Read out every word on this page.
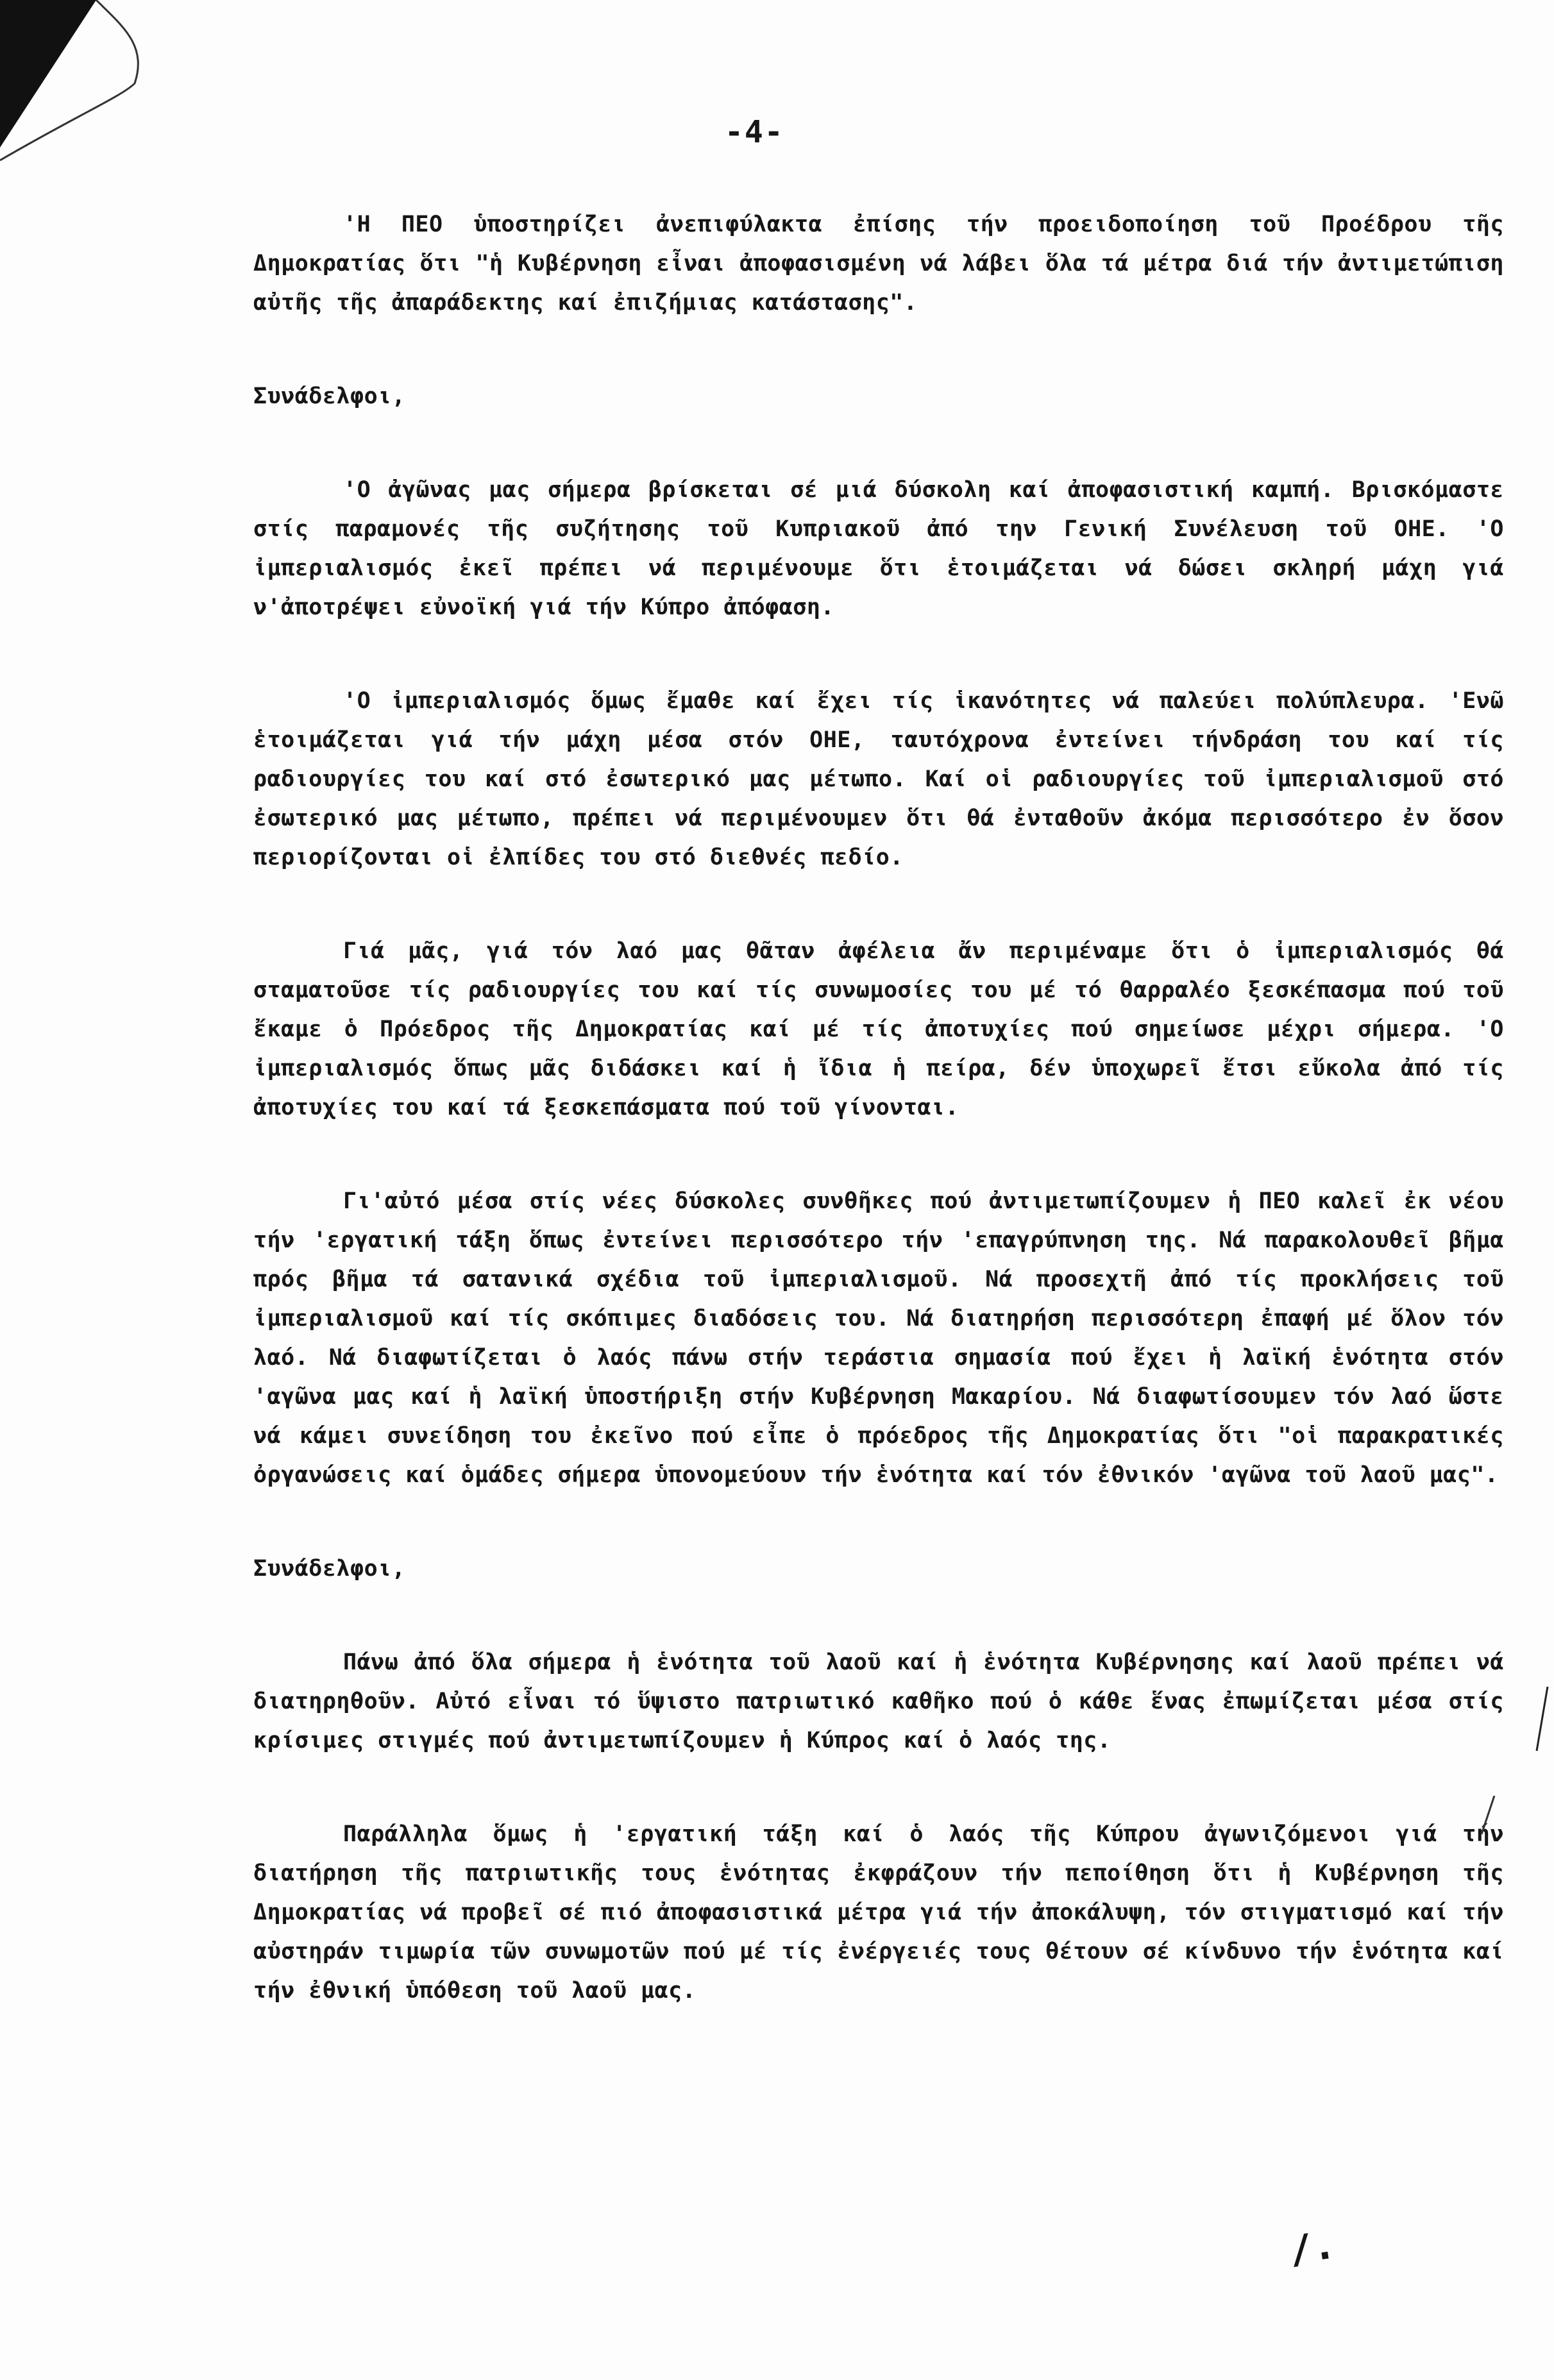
-4-

'Η ΠΕΟ ὑποστηρίζει ἀνεπιφύλακτα ἐπίσης τήν προειδοποίηση τοῦ Προέδρου τῆς Δημοκρατίας ὅτι "ἡ Κυβέρνηση εἶναι ἀποφασισμένη νά λάβει ὅλα τά μέτρα διά τήν ἀντιμετώπιση αὐτῆς τῆς ἀπαράδεκτης καί ἐπιζήμιας κατάστασης".

Συνάδελφοι,

'Ο ἀγῶνας μας σήμερα βρίσκεται σέ μιά δύσκολη καί ἀποφασιστική καμπή. Βρισκόμαστε στίς παραμονές τῆς συζήτησης τοῦ Κυπριακοῦ ἀπό την Γενική Συνέλευση τοῦ ΟΗΕ. 'Ο ἰμπεριαλισμός ἐκεῖ πρέπει νά περιμένουμε ὅτι ἑτοιμάζεται νά δώσει σκληρή μάχη γιά ν'ἀποτρέψει εὐνοϊκή γιά τήν Κύπρο ἀπόφαση.

'Ο ἰμπεριαλισμός ὅμως ἔμαθε καί ἔχει τίς ἱκανότητες νά παλεύει πολύπλευρα. 'Ενῶ ἑτοιμάζεται γιά τήν μάχη μέσα στόν ΟΗΕ, ταυτόχρονα ἐντείνει τήνδράση του καί τίς ραδιουργίες του καί στό ἐσωτερικό μας μέτωπο. Καί οἱ ραδιουργίες τοῦ ἰμπεριαλισμοῦ στό ἐσωτερικό μας μέτωπο, πρέπει νά περιμένουμεν ὅτι θά ἐνταθοῦν ἀκόμα περισσότερο ἐν ὅσον περιορίζονται οἱ ἐλπίδες του στό διεθνές πεδίο.

Γιά μᾶς, γιά τόν λαό μας θᾶταν ἀφέλεια ἄν περιμέναμε ὅτι ὁ ἰμπεριαλισμός θά σταματοῦσε τίς ραδιουργίες του καί τίς συνωμοσίες του μέ τό θαρραλέο ξεσκέπασμα πού τοῦ ἔκαμε ὁ Πρόεδρος τῆς Δημοκρατίας καί μέ τίς ἀποτυχίες πού σημείωσε μέχρι σήμερα. 'Ο ἰμπεριαλισμός ὅπως μᾶς διδάσκει καί ἡ ἴδια ἡ πείρα, δέν ὑποχωρεῖ ἔτσι εὔκολα ἀπό τίς ἀποτυχίες του καί τά ξεσκεπάσματα πού τοῦ γίνονται.

Γι'αὐτό μέσα στίς νέες δύσκολες συνθῆκες πού ἀντιμετωπίζουμεν ἡ ΠΕΟ καλεῖ ἐκ νέου τήν 'εργατική τάξη ὅπως ἐντείνει περισσότερο τήν 'επαγρύπνηση της. Νά παρακολουθεῖ βῆμα πρός βῆμα τά σατανικά σχέδια τοῦ ἰμπεριαλισμοῦ. Νά προσεχτῆ ἀπό τίς προκλήσεις τοῦ ἰμπεριαλισμοῦ καί τίς σκόπιμες διαδόσεις του. Νά διατηρήση περισσότερη ἐπαφή μέ ὅλον τόν λαό. Νά διαφωτίζεται ὁ λαός πάνω στήν τεράστια σημασία πού ἔχει ἡ λαϊκή ἑνότητα στόν 'αγῶνα μας καί ἡ λαϊκή ὑποστήριξη στήν Κυβέρνηση Μακαρίου. Νά διαφωτίσουμεν τόν λαό ὥστε νά κάμει συνείδηση του ἐκεῖνο πού εἶπε ὁ πρόεδρος τῆς Δημοκρατίας ὅτι "οἱ παρακρατικές ὀργανώσεις καί ὁμάδες σήμερα ὑπονομεύουν τήν ἑνότητα καί τόν ἐθνικόν 'αγῶνα τοῦ λαοῦ μας".

Συνάδελφοι,

Πάνω ἀπό ὅλα σήμερα ἡ ἑνότητα τοῦ λαοῦ καί ἡ ἑνότητα Κυβέρνησης καί λαοῦ πρέπει νά διατηρηθοῦν. Αὐτό εἶναι τό ὕψιστο πατριωτικό καθῆκο πού ὁ κάθε ἕνας ἐπωμίζεται μέσα στίς κρίσιμες στιγμές πού ἀντιμετωπίζουμεν ἡ Κύπρος καί ὁ λαός της.

Παράλληλα ὅμως ἡ 'εργατική τάξη καί ὁ λαός τῆς Κύπρου ἀγωνιζόμενοι γιά τήν διατήρηση τῆς πατριωτικῆς τους ἑνότητας ἐκφράζουν τήν πεποίθηση ὅτι ἡ Κυβέρνηση τῆς Δημοκρατίας νά προβεῖ σέ πιό ἀποφασιστικά μέτρα γιά τήν ἀποκάλυψη, τόν στιγματισμό καί τήν αὐστηράν τιμωρία τῶν συνωμοτῶν πού μέ τίς ἐνέργειές τους θέτουν σέ κίνδυνο τήν ἑνότητα καί τήν ἐθνική ὑπόθεση τοῦ λαοῦ μας.

/.
